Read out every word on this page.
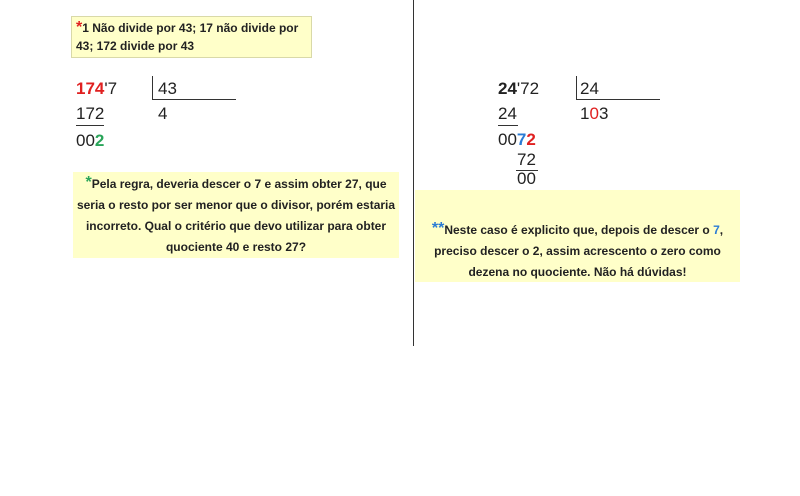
*1 Não divide por 43; 17 não divide por 43; 172 divide por 43
174'7 43
172	4
002
*Pela regra, deveria descer o 7 e assim obter 27, que seria o resto por ser menor que o divisor, porém estaria incorreto. Qual o critério que devo utilizar para obter quociente 40 e resto 27?
24'72 24
24	103
0072
72
00
**Neste caso é explicito que, depois de descer o 7, preciso descer o 2, assim acrescento o zero como dezena no quociente. Não há dúvidas!
